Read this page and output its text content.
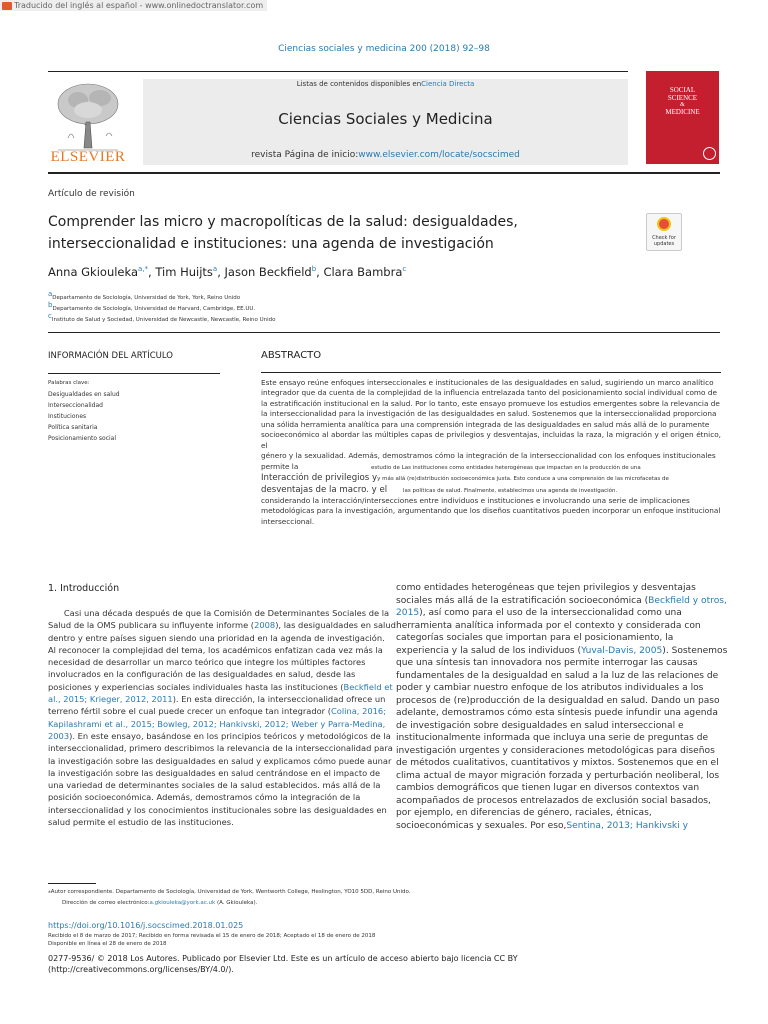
Traducido del inglés al español - www.onlinedoctranslator.com
Ciencias sociales y medicina 200 (2018) 92–98
Listas de contenidos disponibles enCiencia Directa
Ciencias Sociales y Medicina
revista Página de inicio:www.elsevier.com/locate/socscimed
ELSEVIER
SOCIAL
SCIENCE
&
MEDICINE
Artículo de revisión
Comprender las micro y macropolíticas de la salud: desigualdades,
interseccionalidad e instituciones: una agenda de investigación	Check for updates
Anna Gkiouleka$^{a,*}$, Tim Huijts$^a$, Jason Beckfield$^b$, Clara Bambra$^c$
$^a$Departamento de Sociología, Universidad de York, York, Reino Unido
$^b$Departamento de Sociología, Universidad de Harvard, Cambridge, EE.UU.
$^c$Instituto de Salud y Sociedad, Universidad de Newcastle, Newcastle, Reino Unido
INFORMACIÓN DEL ARTÍCULO	ABSTRACTO
Palabras clave:
Desigualdades en salud
Interseccionalidad
Instituciones
Política sanitaria
Posicionamiento social
Este ensayo reúne enfoques interseccionales e institucionales de las desigualdades en salud, sugiriendo un marco analítico
integrador que da cuenta de la complejidad de la influencia entrelazada tanto del posicionamiento social individual como de
la estratificación institucional en la salud. Por lo tanto, este ensayo promueve los estudios emergentes sobre la relevancia de
la interseccionalidad para la investigación de las desigualdades en salud. Sostenemos que la interseccionalidad proporciona
una sólida herramienta analítica para una comprensión integrada de las desigualdades en salud más allá de lo puramente
socioeconómico al abordar las múltiples capas de privilegios y desventajas, incluidas la raza, la migración y el origen étnico, el
género y la sexualidad. Además, demostramos cómo la integración de la interseccionalidad con los enfoques institucionales
permite la	estudio de Las instituciones como entidades heterogéneas que impactan en la producción de una
Interacción de privilegios yy más allá (re)distribución socioeconómica justa. Esto conduce a una comprensión de las microfacetas de
desventajas de la macro. y el	las políticas de salud. Finalmente, establecimos una agenda de investigación.
considerando la interacción/intersecciones entre individuos e instituciones e involucrando una serie de implicaciones
metodológicas para la investigación, argumentando que los diseños cuantitativos pueden incorporar un enfoque institucional
interseccional.
1. Introducción
Casi una década después de que la Comisión de Determinantes Sociales de la
Salud de la OMS publicara su influyente informe (2008), las desigualdades en salud
dentro y entre países siguen siendo una prioridad en la agenda de investigación.
Al reconocer la complejidad del tema, los académicos enfatizan cada vez más la
necesidad de desarrollar un marco teórico que integre los múltiples factores
involucrados en la configuración de las desigualdades en salud, desde las
posiciones y experiencias sociales individuales hasta las instituciones (Beckfield et
al., 2015; Krieger, 2012, 2011). En esta dirección, la interseccionalidad ofrece un
terreno fértil sobre el cual puede crecer un enfoque tan integrador (Colina, 2016;
Kapilashrami et al., 2015; Bowleg, 2012; Hankivski, 2012; Weber y Parra-Medina,
2003). En este ensayo, basándose en los principios teóricos y metodológicos de la
interseccionalidad, primero describimos la relevancia de la interseccionalidad para
la investigación sobre las desigualdades en salud y explicamos cómo puede aunar
la investigación sobre las desigualdades en salud centrándose en el impacto de
una variedad de determinantes sociales de la salud establecidos. más allá de la
posición socioeconómica. Además, demostramos cómo la integración de la
interseccionalidad y los conocimientos institucionales sobre las desigualdades en
salud permite el estudio de las instituciones.
como entidades heterogéneas que tejen privilegios y desventajas
sociales más allá de la estratificación socioeconómica (Beckfield y otros,
2015), así como para el uso de la interseccionalidad como una
herramienta analítica informada por el contexto y considerada con
categorías sociales que importan para el posicionamiento, la
experiencia y la salud de los individuos (Yuval-Davis, 2005). Sostenemos
que una síntesis tan innovadora nos permite interrogar las causas
fundamentales de la desigualdad en salud a la luz de las relaciones de
poder y cambiar nuestro enfoque de los atributos individuales a los
procesos de (re)producción de la desigualdad en salud. Dando un paso
adelante, demostramos cómo esta síntesis puede infundir una agenda
de investigación sobre desigualdades en salud interseccional e
institucionalmente informada que incluya una serie de preguntas de
investigación urgentes y consideraciones metodológicas para diseños
de métodos cualitativos, cuantitativos y mixtos. Sostenemos que en el
clima actual de mayor migración forzada y perturbación neoliberal, los
cambios demográficos que tienen lugar en diversos contextos van
acompañados de procesos entrelazados de exclusión social basados,
por ejemplo, en diferencias de género, raciales, étnicas,
socioeconómicas y sexuales. Por eso,Sentina, 2013; Hankivski y
⁎Autor correspondiente. Departamento de Sociología, Universidad de York, Wentworth College, Heslington, YO10 5DD, Reino Unido.
Dirección de correo electrónico:a.gkiouleka@york.ac.uk (A. Gkiouleka).
https://doi.org/10.1016/j.socscimed.2018.01.025
Recibido el 8 de marzo de 2017; Recibido en forma revisada el 15 de enero de 2018; Aceptado el 18 de enero de 2018
Disponible en línea el 28 de enero de 2018
0277-9536/ © 2018 Los Autores. Publicado por Elsevier Ltd. Este es un artículo de acceso abierto bajo licencia CC BY
(http://creativecommons.org/licenses/BY/4.0/).
